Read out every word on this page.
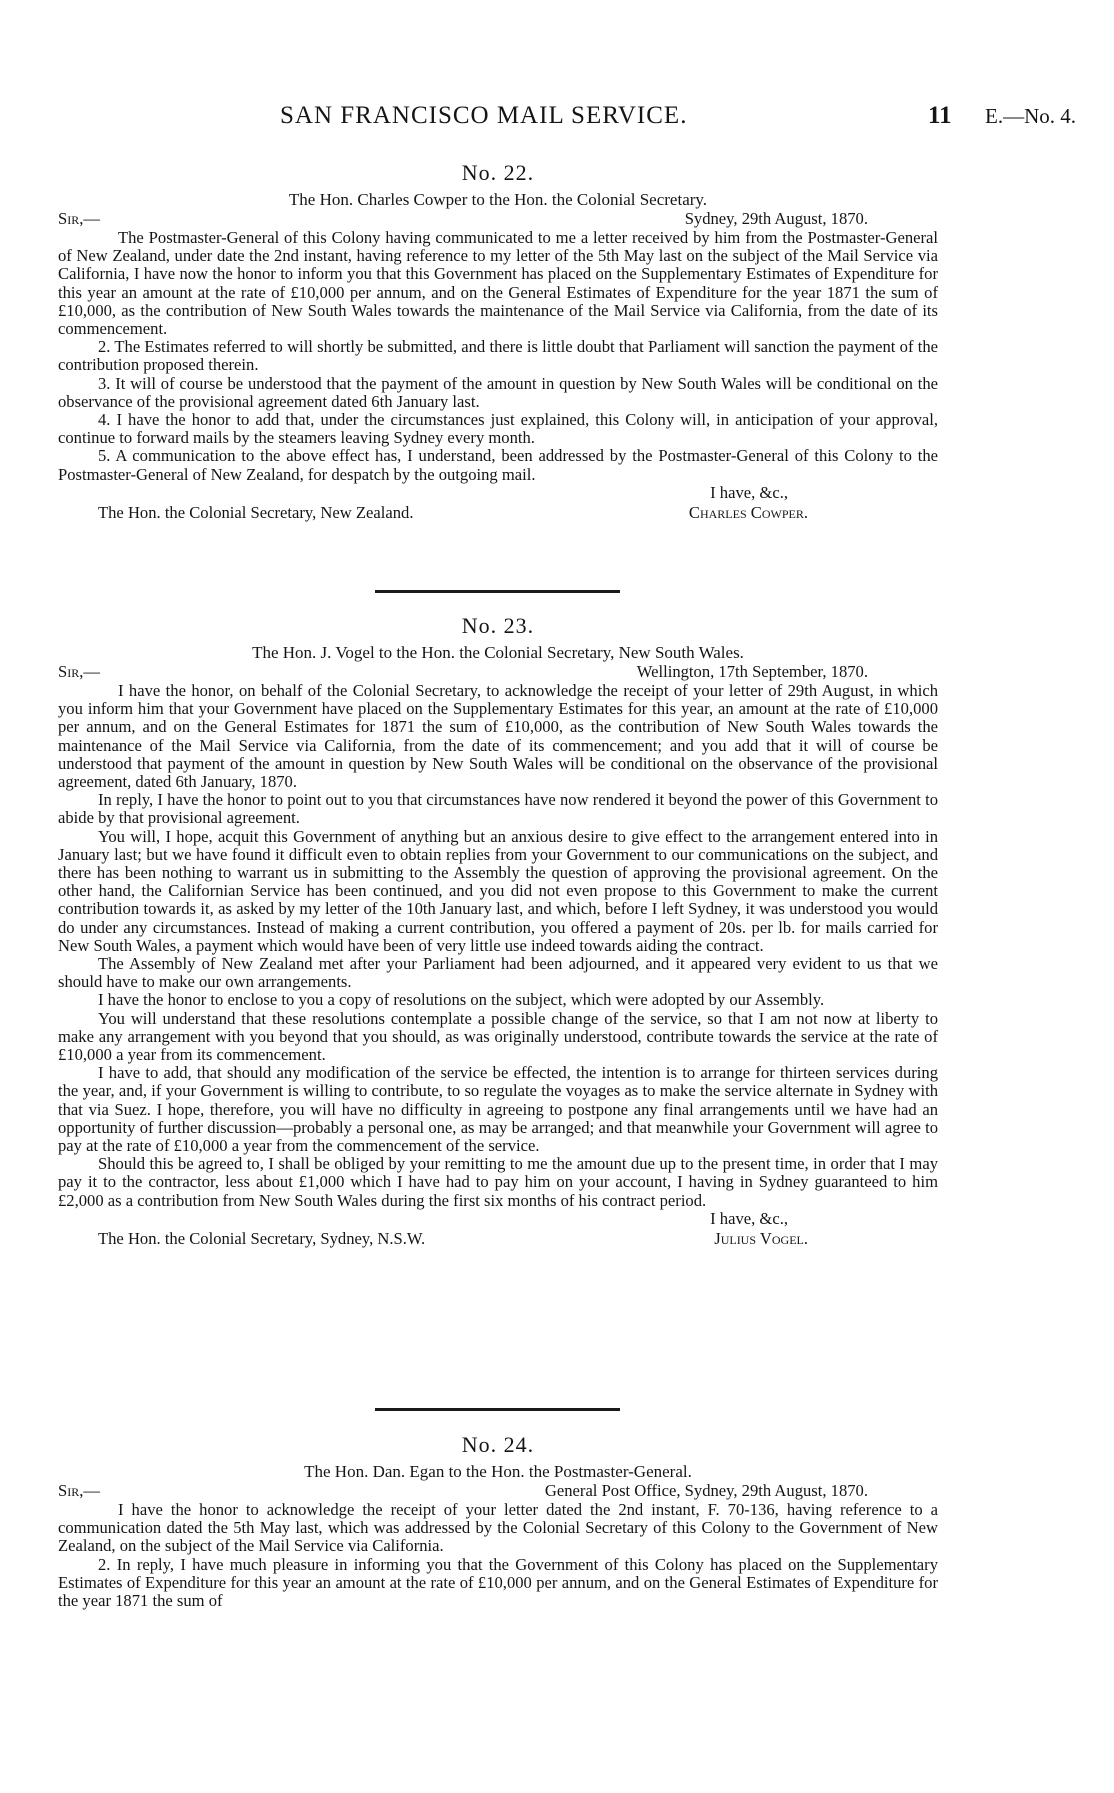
SAN FRANCISCO MAIL SERVICE.	11 E.—No. 4.
No. 22.
The Hon. Charles Cowper to the Hon. the Colonial Secretary.
Sir,—	Sydney, 29th August, 1870.

The Postmaster-General of this Colony having communicated to me a letter received by him from the Postmaster-General of New Zealand, under date the 2nd instant, having reference to my letter of the 5th May last on the subject of the Mail Service via California, I have now the honor to inform you that this Government has placed on the Supplementary Estimates of Expenditure for this year an amount at the rate of £10,000 per annum, and on the General Estimates of Expenditure for the year 1871 the sum of £10,000, as the contribution of New South Wales towards the maintenance of the Mail Service via California, from the date of its commencement.

2. The Estimates referred to will shortly be submitted, and there is little doubt that Parliament will sanction the payment of the contribution proposed therein.

3. It will of course be understood that the payment of the amount in question by New South Wales will be conditional on the observance of the provisional agreement dated 6th January last.

4. I have the honor to add that, under the circumstances just explained, this Colony will, in anticipation of your approval, continue to forward mails by the steamers leaving Sydney every month.

5. A communication to the above effect has, I understand, been addressed by the Postmaster-General of this Colony to the Postmaster-General of New Zealand, for despatch by the outgoing mail.

I have, &c.,
The Hon. the Colonial Secretary, New Zealand.	Charles Cowper.
No. 23.
The Hon. J. Vogel to the Hon. the Colonial Secretary, New South Wales.
Sir,—	Wellington, 17th September, 1870.

I have the honor, on behalf of the Colonial Secretary, to acknowledge the receipt of your letter of 29th August, in which you inform him that your Government have placed on the Supplementary Estimates for this year, an amount at the rate of £10,000 per annum, and on the General Estimates for 1871 the sum of £10,000, as the contribution of New South Wales towards the maintenance of the Mail Service via California, from the date of its commencement; and you add that it will of course be understood that payment of the amount in question by New South Wales will be conditional on the observance of the provisional agreement, dated 6th January, 1870.

In reply, I have the honor to point out to you that circumstances have now rendered it beyond the power of this Government to abide by that provisional agreement.

You will, I hope, acquit this Government of anything but an anxious desire to give effect to the arrangement entered into in January last; but we have found it difficult even to obtain replies from your Government to our communications on the subject, and there has been nothing to warrant us in submitting to the Assembly the question of approving the provisional agreement. On the other hand, the Californian Service has been continued, and you did not even propose to this Government to make the current contribution towards it, as asked by my letter of the 10th January last, and which, before I left Sydney, it was understood you would do under any circumstances. Instead of making a current contribution, you offered a payment of 20s. per lb. for mails carried for New South Wales, a payment which would have been of very little use indeed towards aiding the contract.

The Assembly of New Zealand met after your Parliament had been adjourned, and it appeared very evident to us that we should have to make our own arrangements.

I have the honor to enclose to you a copy of resolutions on the subject, which were adopted by our Assembly.

You will understand that these resolutions contemplate a possible change of the service, so that I am not now at liberty to make any arrangement with you beyond that you should, as was originally understood, contribute towards the service at the rate of £10,000 a year from its commencement.

I have to add, that should any modification of the service be effected, the intention is to arrange for thirteen services during the year, and, if your Government is willing to contribute, to so regulate the voyages as to make the service alternate in Sydney with that via Suez. I hope, therefore, you will have no difficulty in agreeing to postpone any final arrangements until we have had an opportunity of further discussion—probably a personal one, as may be arranged; and that meanwhile your Government will agree to pay at the rate of £10,000 a year from the commencement of the service.

Should this be agreed to, I shall be obliged by your remitting to me the amount due up to the present time, in order that I may pay it to the contractor, less about £1,000 which I have had to pay him on your account, I having in Sydney guaranteed to him £2,000 as a contribution from New South Wales during the first six months of his contract period.

I have, &c.,
The Hon. the Colonial Secretary, Sydney, N.S.W.	Julius Vogel.
No. 24.
The Hon. Dan. Egan to the Hon. the Postmaster-General.
Sir,—	General Post Office, Sydney, 29th August, 1870.

I have the honor to acknowledge the receipt of your letter dated the 2nd instant, F. 70-136, having reference to a communication dated the 5th May last, which was addressed by the Colonial Secretary of this Colony to the Government of New Zealand, on the subject of the Mail Service via California.

2. In reply, I have much pleasure in informing you that the Government of this Colony has placed on the Supplementary Estimates of Expenditure for this year an amount at the rate of £10,000 per annum, and on the General Estimates of Expenditure for the year 1871 the sum of
